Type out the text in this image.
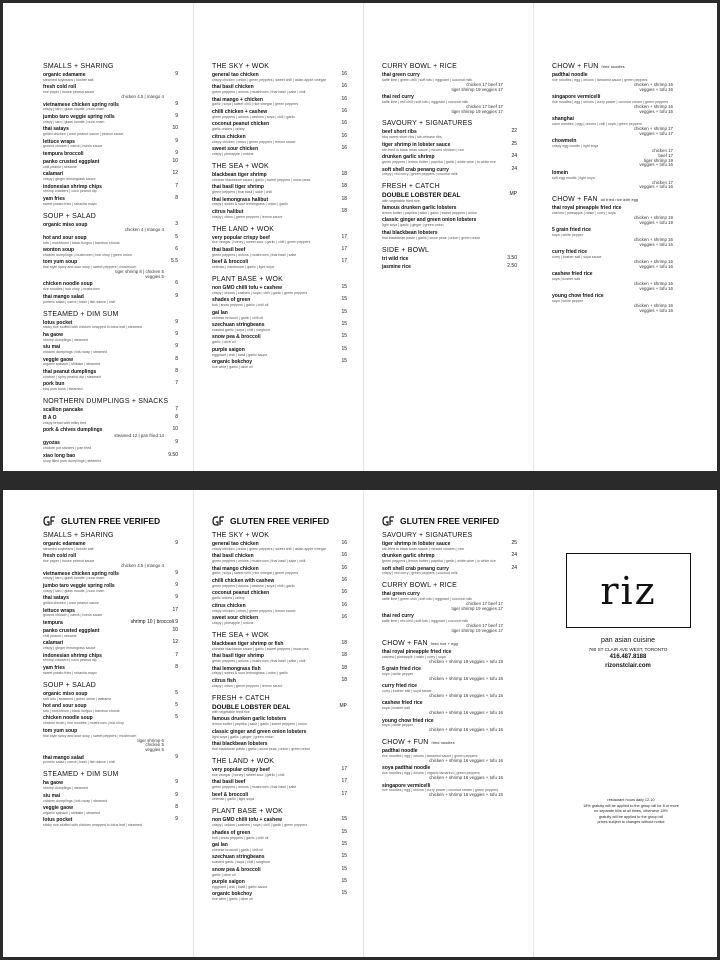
SMALLS + SHARING
organic edamame	9
steamed soybeans | kosher salt
fresh cold roll
rice paper | house peanut sauce
chicken 4.5 | mango 4
vietnamese chicken spring rolls	9
crispy | taro | glass noodle | nuoc mam
jumbo taro veggie spring rolls	9
crispy | taro | glass noodle | nuoc mam
thai satays	10
grilled chicken | coco peanut sauce | peanut sauce
lettuce wraps	9
ground chicken | carrot | hoisin sauce
tempura broccoli	9
panko crusted eggplant	10
chili peanut | sesame
calamari	12
crispy | ginger lemongrass sauce
indonesian shrimp chips	7
shrimp crackers | coco peanut dip
yam fries	8
sweet potato fries | sriracha mayo
SOUP + SALAD
organic miso soup	3
chicken 4 | mango 4
hot and sour soup	5
tofu | mushroom | black fungus | bamboo shoots
wonton soup	6
chicken dumplings | mushroom | bok choy | green onion
tom yum soup	5.5
thai style spicy and sour soup | sweet peppers | mushroom
tiger shrimp 8 | chicken 5
veggies 5
chicken noodle soup	6
rice noodles | bok choy | mushroom
thai mango salad	9
pomelo salad | carrot | basil | fish sauce | chili
STEAMED + DIM SUM
lotus pocket	9
sticky rice stuffed with chicken wrapped in lotus leaf | steamed
ha gaow	9
shrimp dumplings | steamed
siu mai	9
chicken dumplings | tofu wrap | steamed
veggie gaow	8
organic spinach | shiitake | steamed
thai peanut dumplings	8
chicken | spicy peanut dip | steamed
pork bun	7
bbq pork buns | steamed
NORTHERN DUMPLINGS + SNACKS
scallion pancake	7
B A O	8
crispy bread with milky bed
pork & chives dumplings	10
steamed 12 | pan fried 14
gyozas	9
chicken pot stickers | pan fried
xiao long bao	9.50
soup filled pork dumplings | steamed
THE SKY + WOK
general tao chicken	16
crispy chicken | onion | green peppers | sweet chili | asian apple vinegar
thai basil chicken	16
green peppers | onions | mushroom | thai basil | sake | chili
thai mango + chicken	16
garlic | soya | sweet chili | rice vinegar | green peppers
chilli chicken + cashew	16
green peppers | onions | cashew | soya | chili | garlic
coconut peanut chicken	16
garlic onions | celery
citrus chicken	16
crispy chicken | citrus | green peppers | lemon sauce
sweet sour chicken	16
crispy | pineapple | onions
THE SEA + WOK
blackbean tiger shrimp	18
chinese blackbean sauce | garlic | sweet peppers | snow peas
thai basil tiger shrimp	18
green peppers | thai basil | sake | chili
thai lemongrass halibut	18
crispy | sweet & sour lemongrass | onion | garlic
citrus halibut	18
crispy | citrus | green peppers | lemon sauce
THE LAND + WOK
very popular crispy beef	17
rice vinegar | honey | sweet sour | garlic | chili | green peppers
thai basil beef	17
green peppers | onions | mushroom | thai basil | sake
beef & broccoli	17
celeriac | mushroom | garlic | light soya
PLANT BASE + WOK
non GMO chilli tofu + cashew	15
crispy | onions | cashew | soya | chili | garlic | green peppers
shades of green	15
bok | snow peppers | garlic | chili oil
gai lan	15
chinese broccoli | garlic | chili oil
szechuan stringbeans	15
roasted garlic | soya | chili | sorghum
snow pea & broccoli	15
garlic | olive oil
purple saigon	15
eggplant | chili | basil | garlic sauce
organic bokchoy	15
rice wine | garlic | olive oil
CURRY BOWL + RICE
thai green curry
kaffir lime | green chili | soft tofu | eggplant | coconut milk
chicken 17 beef 17
tiger shrimp 19 veggies 17
thai red curry
kaffir lime | red chili | soft tofu | eggplant | coconut milk
chicken 17 beef 17
tiger shrimp 19 veggies 17
SAVOURY + SIGNATURES
beef short ribs	22
bbq sweet short ribs | stir-release ribs
tiger shrimp in lobster sauce	25
stir-fried in black bean sauce | minced chicken | rice
drunken garlic shrimp	24
green peppers | lemon butter | paprika | garlic | white wine | lo white rice
soft shell crab penang curry	24
crispy | red curry | green peppers | coconut milk
FRESH + CATCH
DOUBLE LOBSTER DEAL	MP
with vegetable fried rice
famous drunken garlic lobsters
lemon butter | paprika | sake | garlic | sweet peppers | onion
classic ginger and green onion lobsters
light soya | garlic | ginger | green onion
thai blackbean lobsters
thai blackbean paste | garlic | snow peas | onion | green onion
SIDE + BOWL
tri wild rice	3.50
jasmine rice	2.50
CHOW + FUN fried noodles
padthai noodle
rice noodles | egg | onions | tamarind sauce | green peppers
chicken + shrimp 16
veggies + tofu 16
singapore vermicelli
rice noodles | egg | onions | curry power | coconut cream | green peppers
chicken + shrimp 16
veggies + tofu 16
shanghai
udon noodles | egg | onions | chili | soya | green peppers
chicken + shrimp 17
veggies + tofu 17
chowmein
crispy egg noodle | light soya
chicken 17
beef 17
tiger shrimp 19
veggies + tofu 16
lomein
soft egg noodle | light soya
chicken 17
veggies + tofu 16
CHOW + FAN all fried rice with egg
thai royal pineapple fried rice
cashew | pineapple | raisin | curry | soya
chicken + shrimp 19
veggies + tofu 19
5 grain fried rice
soya | white pepper
chicken + shrimp 16
veggies + tofu 16
curry fried rice
curry | kosher salt | soya sauce
chicken + shrimp 16
veggies + tofu 16
cashew fried rice
soya | kosher salt
chicken + shrimp 16
veggies + tofu 16
young chow fried rice
soya | white pepper
chicken + shrimp 16
veggies + tofu 16
GLUTEN FREE VERIFED
SMALLS + SHARING
organic edamame	9
steamed soybeans | kosher salt
fresh cold roll
rice paper | house peanut sauce
chicken 4.5 | mango 4
vietnamese chicken spring rolls	9
crispy | taro | glass noodle | nuoc mam
jumbo taro veggie spring rolls	9
crispy | taro | glass noodle | nuoc mam
thai satays	9
grilled chicken | coco peanut sauce
lettuce wraps	17
ground chicken | carrot | hoisin sauce
tempura	shrimp 10 | broccoli 9
panko crusted eggplant	10
chili peanut | sesame
calamari	12
crispy | ginger lemongrass sauce
indonesian shrimp chips	7
shrimp crackers | coco peanut dip
yam fries	8
sweet potato fries | sriracha mayo
SOUP + SALAD
organic miso soup	5
soft tofu | seaweed | green onion | wakame
hot and sour soup	5
tofu | mushroom | black fungus | bamboo shoots
chicken noodle soup	5
chicken broth | rice noodles | mushroom | bok choy
tom yum soup
thai style spicy and sour soup | sweet peppers | mushroom
tiger shrimp 6
chicken 5
veggies 5
thai mango salad	9
pomelo salad | carrot | basil | fish sauce | chili
STEAMED + DIM SUM
ha gaow	9
shrimp dumplings | steamed
siu mai	9
chicken dumplings | tofu wrap | steamed
veggie gaow	8
organic spinach | shiitake | steamed
lotus pocket	9
sticky rice stuffed with chicken wrapped in lotus leaf | steamed
GLUTEN FREE VERIFED
THE SKY + WOK
general tao chicken	16
crispy chicken | onion | green peppers | sweet chili | asian apple vinegar
thai basil chicken	16
green peppers | onions | mushroom | thai basil | sake | chili
thai mango chicken	16
garlic | soya | sweet chili | rice vinegar | green peppers
chilli chicken with cashew	16
green peppers | onions | cashew | soya | chili | garlic
coconut peanut chicken	16
garlic onions | celery
citrus chicken	16
crispy chicken | citrus | green peppers | lemon sauce
sweet sour chicken	16
crispy | pineapple | onions
THE SEA + WOK
blackbean tiger shrimp or fish	18
chinese blackbean sauce | garlic | sweet peppers | snow pea
thai basil tiger shrimp	18
green peppers | onions | mushroom | thai basil | sake | chili
thai lemongrass fish	18
crispy | sweet & sour lemongrass | onion | garlic
citrus fish	18
crispy | citrus | green peppers | lemon sauce
FRESH + CATCH
DOUBLE LOBSTER DEAL	MP
with vegetable fried rice
famous drunken garlic lobsters
lemon butter | paprika | sake | garlic | sweet peppers | onion
classic ginger and green onion lobsters
light soya | garlic | ginger | green onion
thai blackbean lobsters
thai blackbean paste | garlic | snow peas | onion | green onion
THE LAND + WOK
very popular crispy beef	17
rice vinegar | honey | sweet sour | garlic | chili
thai basil beef	17
green peppers | onions | mushroom | thai basil | sake
beef & broccoli	17
celeriac | garlic | light soya
PLANT BASE + WOK
non GMO chilli tofu + cashew	15
crispy | onions | cashew | soya | chili | garlic | green peppers
shades of green	15
bok | snow peppers | garlic | chili oil
gai lan	15
chinese broccoli | garlic | chili oil
szechuan stringbeans	15
roasted garlic | soya | chili | sorghum
snow pea & broccoli	15
garlic | olive oil
purple saigon	15
eggplant | chili | basil | garlic sauce
organic bokchoy	15
rice wine | garlic | olive oil
GLUTEN FREE VERIFED
SAVOURY + SIGNATURES
tiger shrimp in lobster sauce	25
stir-fried in black bean sauce | minced chicken | rice
drunken garlic shrimp	24
green peppers | lemon butter | paprika | garlic | white wine | lo white rice
soft shell crab penang curry	24
crispy | red curry | green peppers | coconut milk
CURRY BOWL + RICE
thai green curry
kaffir lime | green chili | soft tofu | eggplant | coconut milk
chicken 17 beef 17
tiger shrimp 19 veggies 17
thai red curry
kaffir lime | red chili | soft tofu | eggplant | coconut milk
chicken 17 beef 17
tiger shrimp 19 veggies 17
CHOW + FAN fried rice + egg
thai royal pineapple fried rice
cashew | pineapple | raisin | curry | soya
chicken + shrimp 19 veggies + tofu 19
5 grain fried rice
soya | white pepper
chicken + shrimp 16 veggies + tofu 16
curry fried rice
curry | kosher salt | soya sauce
chicken + shrimp 16 veggies + tofu 16
cashew fried rice
soya | kosher salt
chicken + shrimp 16 veggies + tofu 16
young chow fried rice
soya | white pepper
chicken + shrimp 16 veggies + tofu 16
CHOW + FUN fried noodles
padthai noodle
rice noodles | egg | onions | tamarind sauce | green peppers
chicken + shrimp 16 veggies + tofu 16
soya padthai noodle
rice noodles | egg | onions | organic tamarind | green peppers
chicken + shrimp 16 veggies + tofu 16
singapore vermicelli
rice noodles | egg | onions | curry power | coconut cream | green peppers
chicken + shrimp 16 veggies + tofu 16
riz
pan asian cuisine
760 ST CLAIR AVE WEST, TORONTO
416.487.8188
rizonstclair.com
restaurant hours daily 12-10
18% gratuity will be applied to the group bill for 8 or more
no separate bills at all times, otherwise 18%
gratuity will be applied to the group bill
prices subject to changes without notice
